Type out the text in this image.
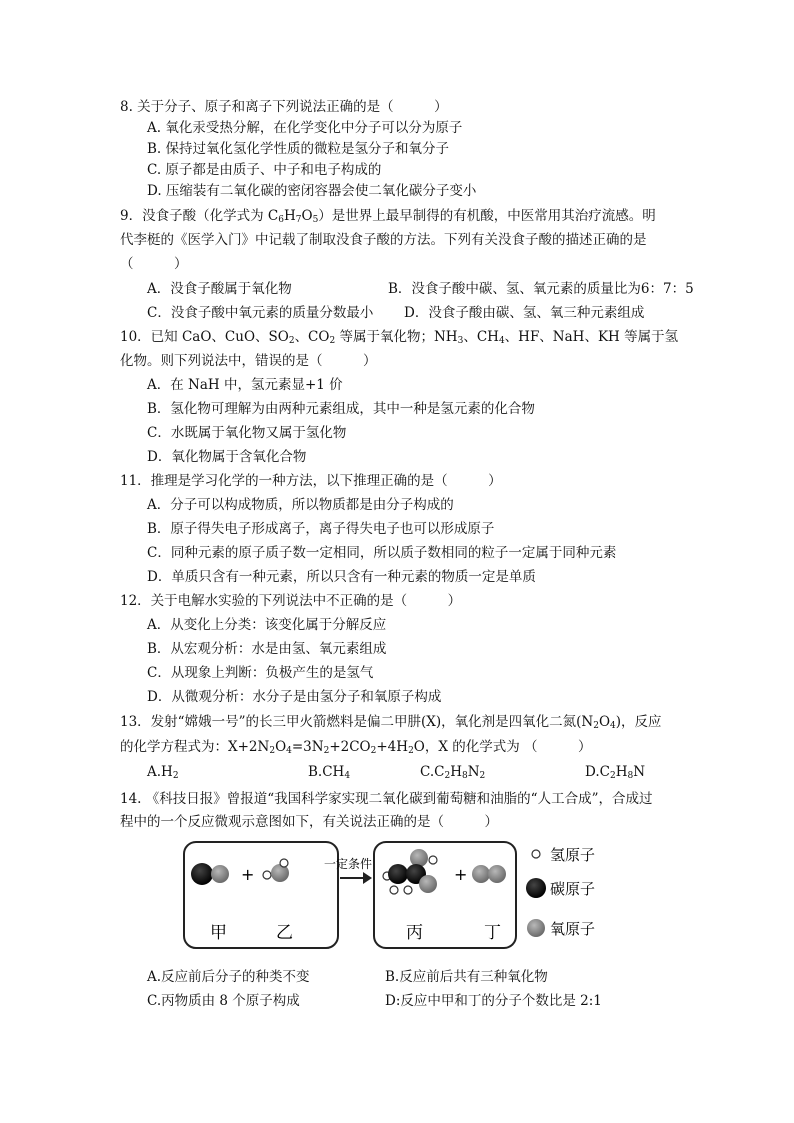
8. 关于分子、原子和离子下列说法正确的是（　　　）
A. 氧化汞受热分解，在化学变化中分子可以分为原子
B. 保持过氧化氢化学性质的微粒是氢分子和氧分子
C. 原子都是由质子、中子和电子构成的
D. 压缩装有二氧化碳的密闭容器会使二氧化碳分子变小
9．没食子酸（化学式为 $C_6H_7O_5$）是世界上最早制得的有机酸，中医常用其治疗流感。明
代李梃的《医学入门》中记载了制取没食子酸的方法。下列有关没食子酸的描述正确的是
（　　　）
A．没食子酸属于氧化物	B．没食子酸中碳、氢、氧元素的质量比为6：7：5
C．没食子酸中氧元素的质量分数最小 D．没食子酸由碳、氢、氧三种元素组成
10．已知 CaO、CuO、$SO_2$、$CO_2$ 等属于氧化物；$NH_3$、$CH_4$、HF、NaH、KH 等属于氢
化物。则下列说法中，错误的是（　　　）
A．在 NaH 中，氢元素显+1 价
B．氢化物可理解为由两种元素组成，其中一种是氢元素的化合物
C．水既属于氧化物又属于氢化物
D．氧化物属于含氧化合物
11．推理是学习化学的一种方法，以下推理正确的是（　　　）
A．分子可以构成物质，所以物质都是由分子构成的
B．原子得失电子形成离子，离子得失电子也可以形成原子
C．同种元素的原子质子数一定相同，所以质子数相同的粒子一定属于同种元素
D．单质只含有一种元素，所以只含有一种元素的物质一定是单质
12．关于电解水实验的下列说法中不正确的是（　　　）
A．从变化上分类：该变化属于分解反应
B．从宏观分析：水是由氢、氧元素组成
C．从现象上判断：负极产生的是氢气
D．从微观分析：水分子是由氢分子和氧原子构成
13．发射“嫦娥一号”的长三甲火箭燃料是偏二甲肼(X)，氧化剂是四氧化二氮$(N_2O_4)$，反应
的化学方程式为：$X+2N_2O_4=3N_2+2CO_2+4H_2O$，X 的化学式为 （　　　）
$A.H_2$	$B.CH_4$	$C.C_2H_8N_2$	$D.C_2H_8N$
14. 《科技日报》曾报道“我国科学家实现二氧化碳到葡萄糖和油脂的“人工合成”，合成过
程中的一个反应微观示意图如下，有关说法正确的是（　　　）
+
甲	乙
一定条件
+
丙	丁
氢原子
碳原子
氧原子
A.反应前后分子的种类不变	B.反应前后共有三种氧化物
C.丙物质由 8 个原子构成	D:反应中甲和丁的分子个数比是 2:1
